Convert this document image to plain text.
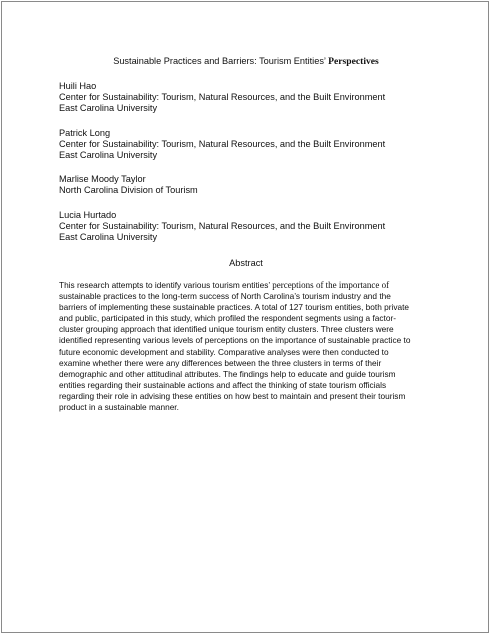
Sustainable Practices and Barriers: Tourism Entities’ Perspectives
Huili Hao
Center for Sustainability: Tourism, Natural Resources, and the Built Environment
East Carolina University
Patrick Long
Center for Sustainability: Tourism, Natural Resources, and the Built Environment
East Carolina University
Marlise Moody Taylor
North Carolina Division of Tourism
Lucia Hurtado
Center for Sustainability: Tourism, Natural Resources, and the Built Environment
East Carolina University
Abstract
This research attempts to identify various tourism entities’ perceptions of the importance of
sustainable practices to the long-term success of North Carolina’s tourism industry and the
barriers of implementing these sustainable practices. A total of 127 tourism entities, both private
and public, participated in this study, which profiled the respondent segments using a factor-
cluster grouping approach that identified unique tourism entity clusters. Three clusters were
identified representing various levels of perceptions on the importance of sustainable practice to
future economic development and stability. Comparative analyses were then conducted to
examine whether there were any differences between the three clusters in terms of their
demographic and other attitudinal attributes. The findings help to educate and guide tourism
entities regarding their sustainable actions and affect the thinking of state tourism officials
regarding their role in advising these entities on how best to maintain and present their tourism
product in a sustainable manner.
